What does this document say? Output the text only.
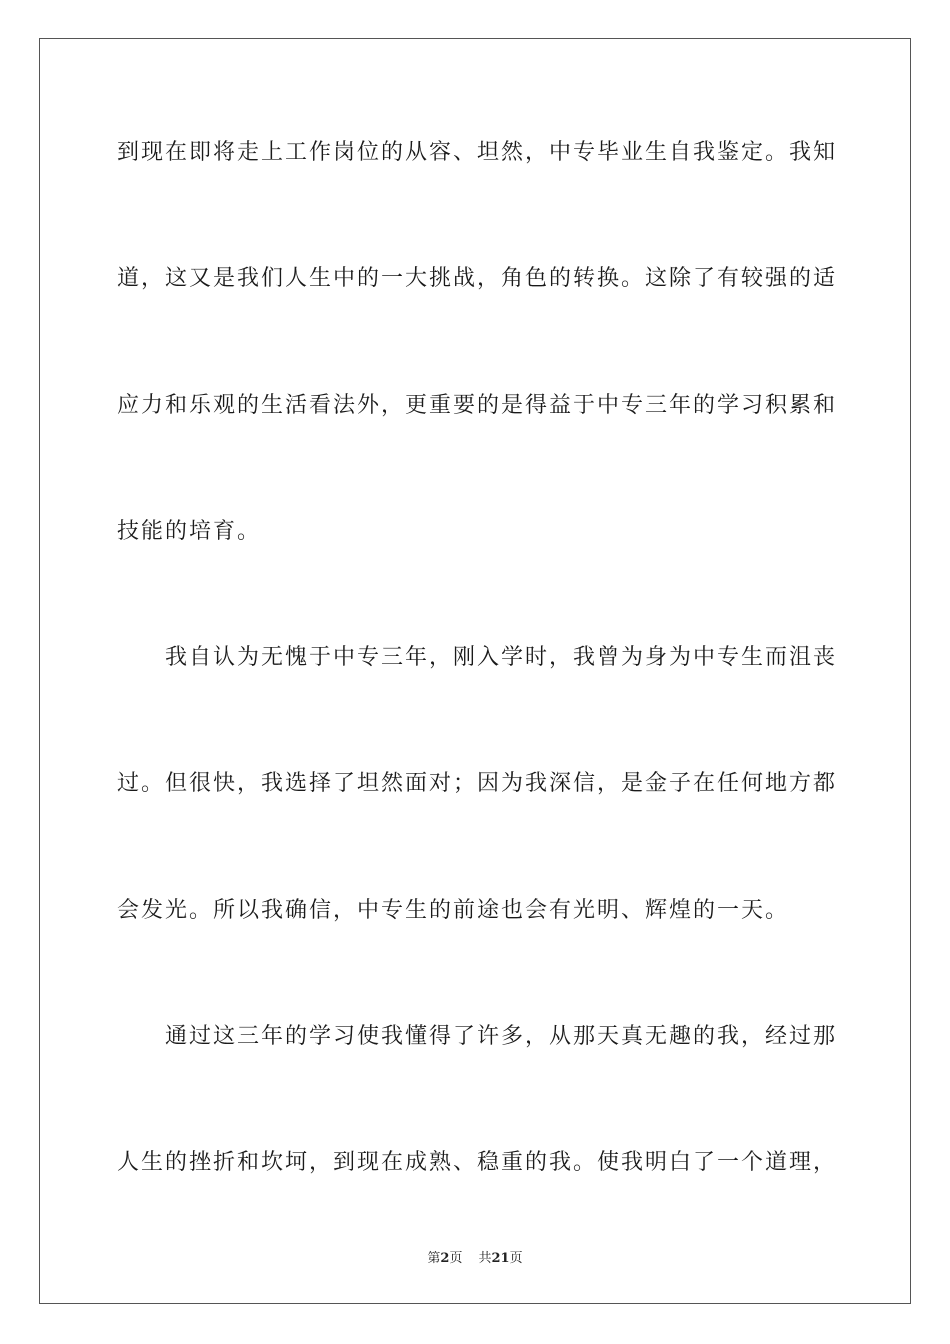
到现在即将走上工作岗位的从容、坦然，中专毕业生自我鉴定。我知
道，这又是我们人生中的一大挑战，角色的转换。这除了有较强的适
应力和乐观的生活看法外，更重要的是得益于中专三年的学习积累和
技能的培育。
我自认为无愧于中专三年，刚入学时，我曾为身为中专生而沮丧
过。但很快，我选择了坦然面对；因为我深信，是金子在任何地方都
会发光。所以我确信，中专生的前途也会有光明、辉煌的一天。
通过这三年的学习使我懂得了许多，从那天真无趣的我，经过那
人生的挫折和坎坷，到现在成熟、稳重的我。使我明白了一个道理，
第2页 共21页
